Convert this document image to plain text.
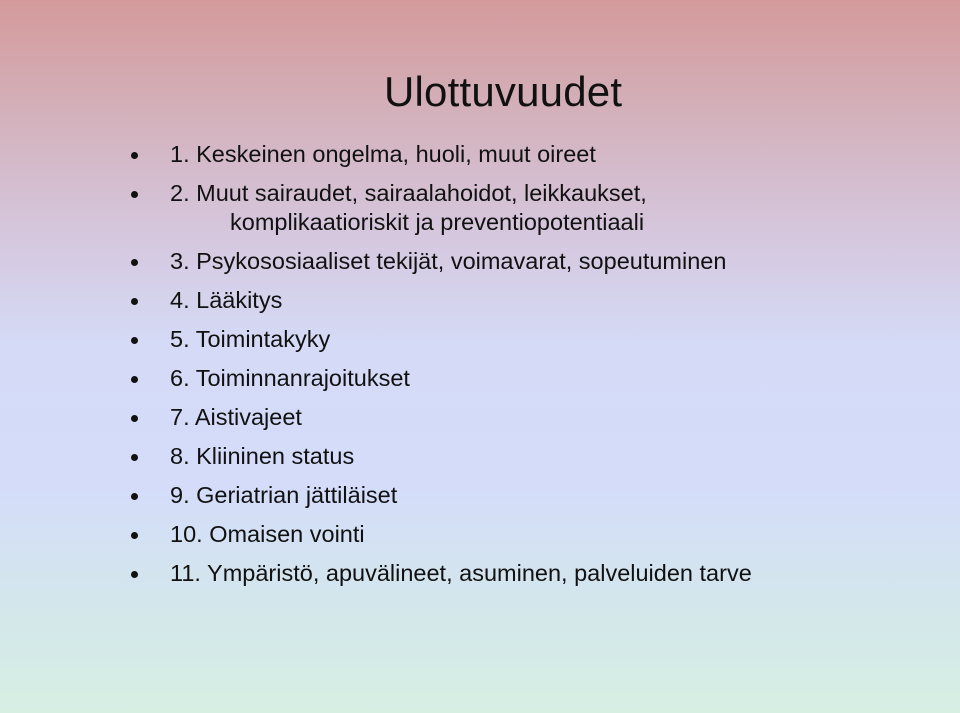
Ulottuvuudet
1. Keskeinen ongelma, huoli, muut oireet
2. Muut sairaudet, sairaalahoidot, leikkaukset,
komplikaatioriskit ja preventiopotentiaali
3. Psykososiaaliset tekijät, voimavarat, sopeutuminen
4. Lääkitys
5. Toimintakyky
6. Toiminnanrajoitukset
7. Aistivajeet
8. Kliininen status
9. Geriatrian jättiläiset
10. Omaisen vointi
11. Ympäristö, apuvälineet, asuminen, palveluiden tarve
